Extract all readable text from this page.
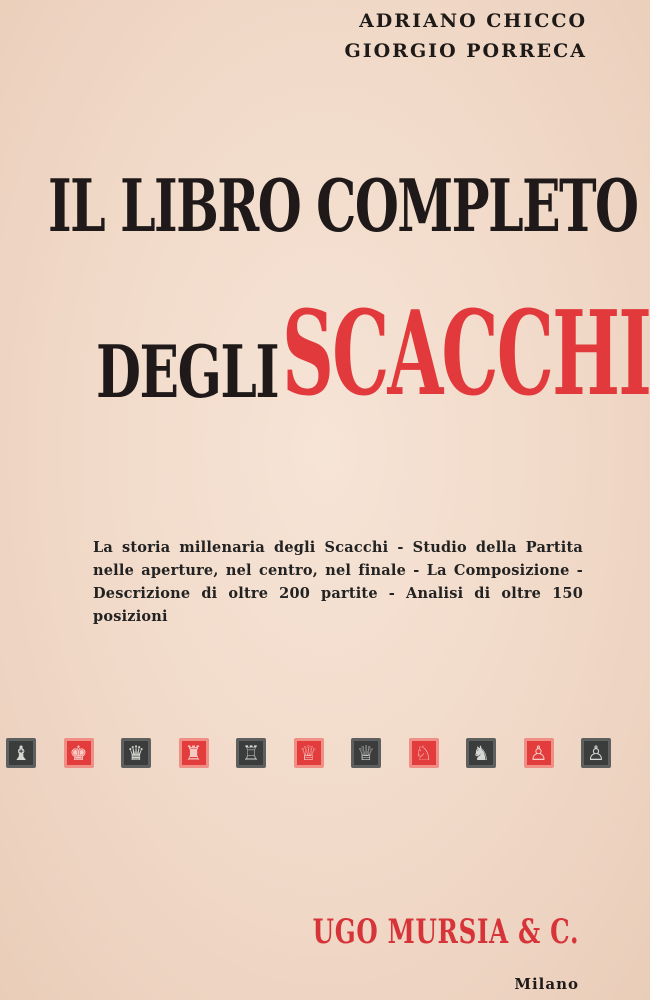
ADRIANO CHICCO
GIORGIO PORRECA
IL LIBRO COMPLETO
DEGLI SCACCHI
La storia millenaria degli Scacchi - Studio della Partita nelle aperture, nel centro, nel finale - La Composizione - Descrizione di oltre 200 partite - Analisi di oltre 150 posizioni
♝	♚	♛	♜	♖	♕	♕	♘	♞	♙	♙
UGO MURSIA & C.
Milano
